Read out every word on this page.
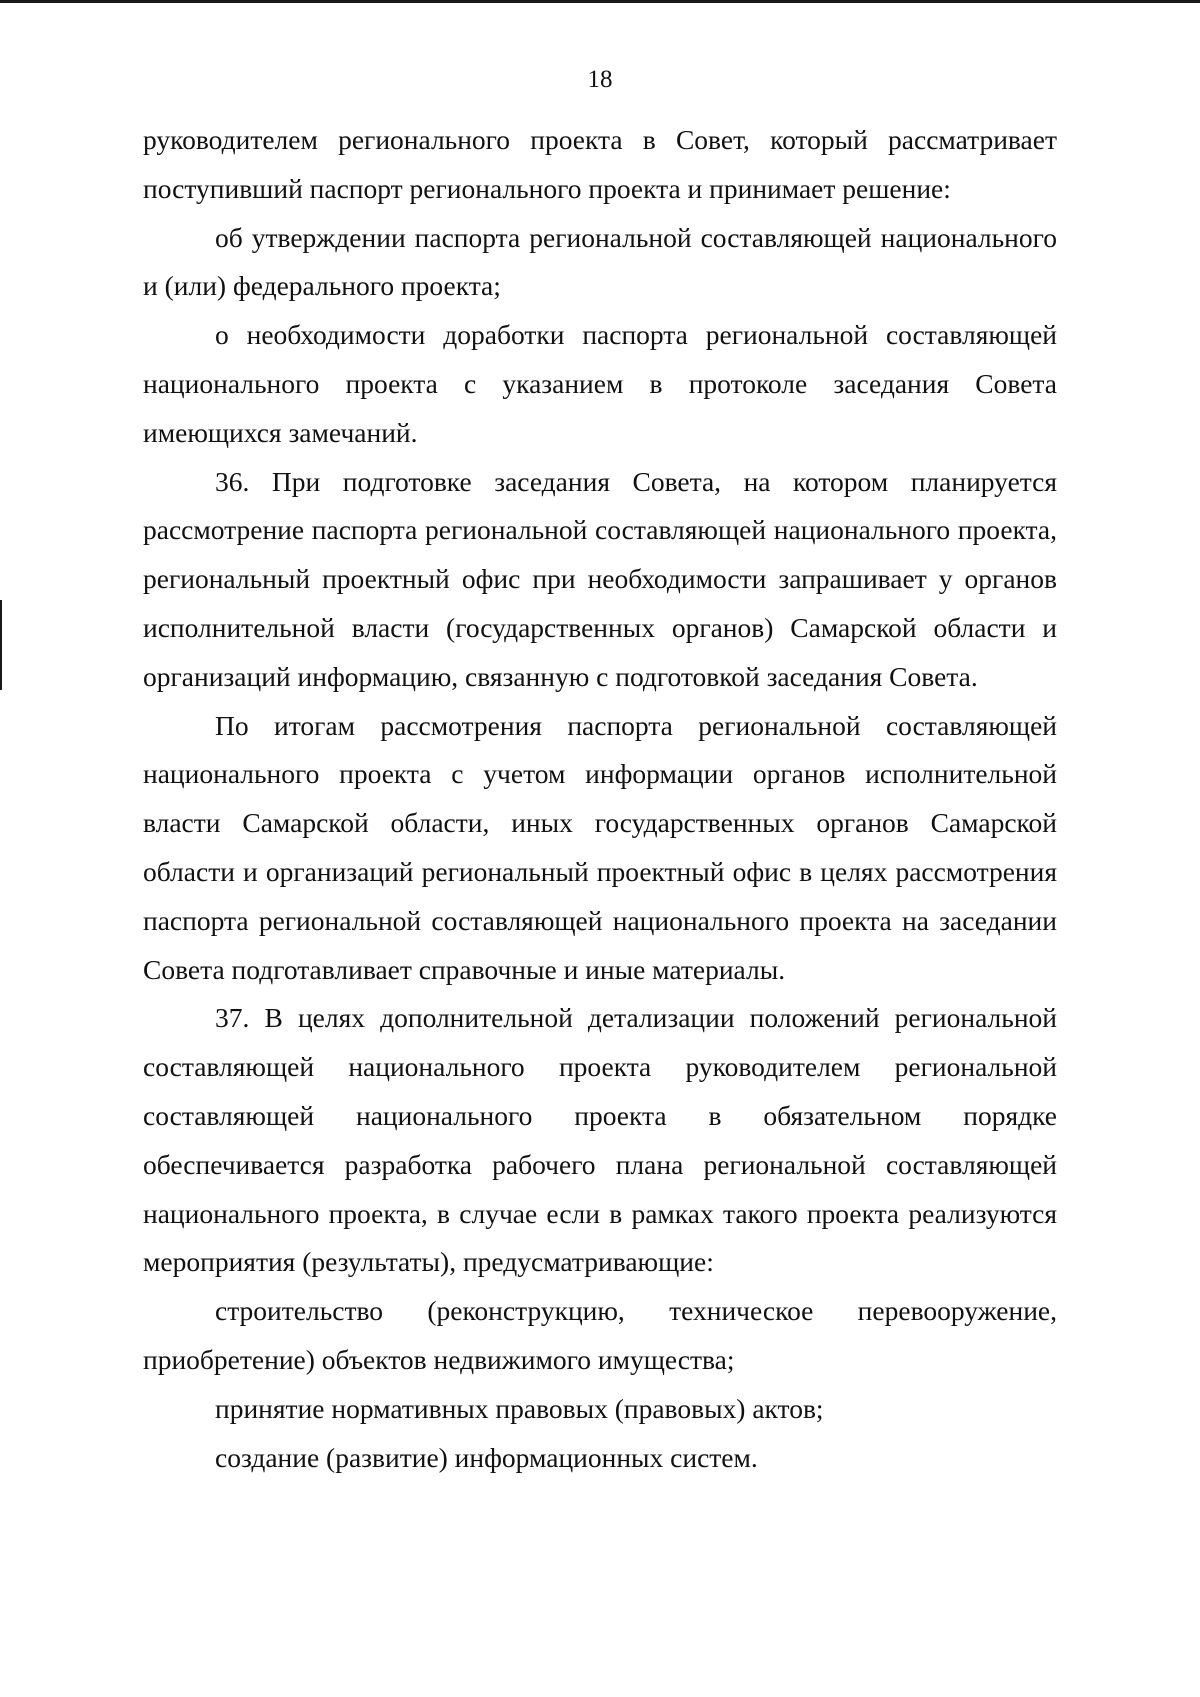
18

руководителем регионального проекта в Совет, который рассматривает поступивший паспорт регионального проекта и принимает решение:

об утверждении паспорта региональной составляющей национального и (или) федерального проекта;

о необходимости доработки паспорта региональной составляющей национального проекта с указанием в протоколе заседания Совета имеющихся замечаний.

36. При подготовке заседания Совета, на котором планируется рассмотрение паспорта региональной составляющей национального проекта, региональный проектный офис при необходимости запрашивает у органов исполнительной власти (государственных органов) Самарской области и организаций информацию, связанную с подготовкой заседания Совета.

По итогам рассмотрения паспорта региональной составляющей национального проекта с учетом информации органов исполнительной власти Самарской области, иных государственных органов Самарской области и организаций региональный проектный офис в целях рассмотрения паспорта региональной составляющей национального проекта на заседании Совета подготавливает справочные и иные материалы.

37. В целях дополнительной детализации положений региональной составляющей национального проекта руководителем региональной составляющей национального проекта в обязательном порядке обеспечивается разработка рабочего плана региональной составляющей национального проекта, в случае если в рамках такого проекта реализуются мероприятия (результаты), предусматривающие:

строительство (реконструкцию, техническое перевооружение, приобретение) объектов недвижимого имущества;

принятие нормативных правовых (правовых) актов;

создание (развитие) информационных систем.
